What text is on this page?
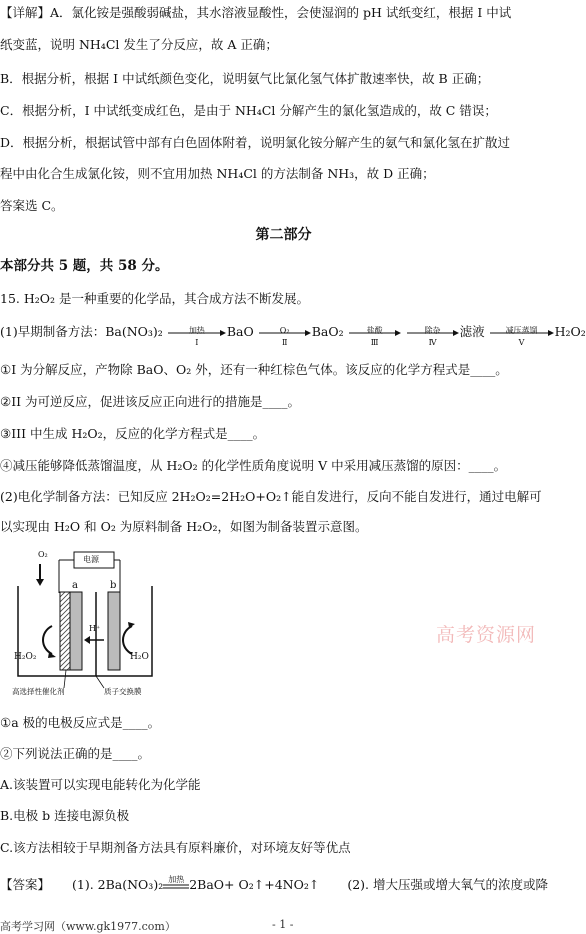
【详解】A．氯化铵是强酸弱碱盐，其水溶液显酸性，会使湿润的 pH 试纸变红，根据 I 中试
纸变蓝，说明 NH₄Cl 发生了分反应，故 A 正确；
B．根据分析，根据 I 中试纸颜色变化，说明氨气比氯化氢气体扩散速率快，故 B 正确；
C．根据分析，I 中试纸变成红色，是由于 NH₄Cl 分解产生的氯化氢造成的，故 C 错误；
D．根据分析，根据试管中部有白色固体附着，说明氯化铵分解产生的氨气和氯化氢在扩散过
程中由化合生成氯化铵，则不宜用加热 NH₄Cl 的方法制备 NH₃，故 D 正确；
答案选 C。
第二部分
本部分共 5 题，共 58 分。
15. H₂O₂ 是一种重要的化学品，其合成方法不断发展。
(1)早期制备方法：Ba(NO₃)₂	加热
Ⅰ
BaO	O₂
Ⅱ
BaO₂	盐酸
Ⅲ

除杂
Ⅳ
滤液	减压蒸馏
Ⅴ
H₂O₂
①I 为分解反应，产物除 BaO、O₂ 外，还有一种红棕色气体。该反应的化学方程式是____。
②II 为可逆反应，促进该反应正向进行的措施是____。
③III 中生成 H₂O₂，反应的化学方程式是____。
④减压能够降低蒸馏温度，从 H₂O₂ 的化学性质角度说明 V 中采用减压蒸馏的原因：____。
(2)电化学制备方法：已知反应 2H₂O₂=2H₂O+O₂↑能自发进行，反向不能自发进行，通过电解可
以实现由 H₂O 和 O₂ 为原料制备 H₂O₂，如图为制备装置示意图。
O₂
电源
a	b
H⁺
H₂O₂	H₂O
高选择性催化剂	质子交换膜
高考资源网
①a 极的电极反应式是____。
②下列说法正确的是____。
A.该装置可以实现电能转化为化学能
B.电极 b 连接电源负极
C.该方法相较于早期剂备方法具有原料廉价，对环境友好等优点
【答案】 (1). 2Ba(NO₃)₂ 加热 2BaO+ O₂↑+4NO₂↑ (2). 增大压强或增大氧气的浓度或降
高考学习网（www.gk1977.com）	- 1 -
